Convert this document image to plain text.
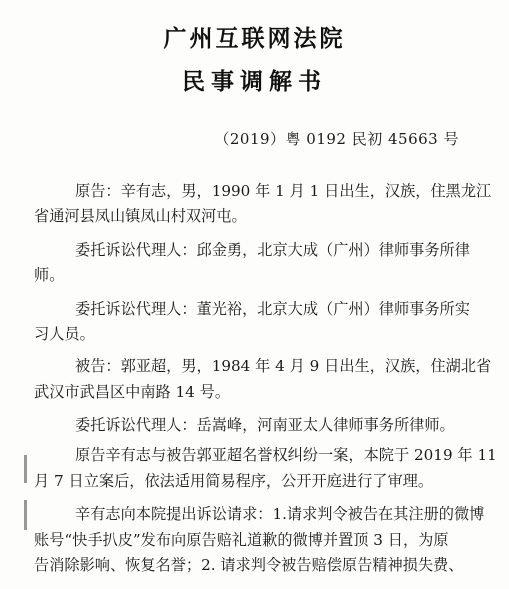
广州互联网法院
民事调解书
（2019）粤 0192 民初 45663 号
原告：辛有志，男，1990 年 1 月 1 日出生，汉族，住黑龙江
省通河县凤山镇凤山村双河屯。
委托诉讼代理人：邱金勇，北京大成（广州）律师事务所律
师。
委托诉讼代理人：董光裕，北京大成（广州）律师事务所实
习人员。
被告：郭亚超，男，1984 年 4 月 9 日出生，汉族，住湖北省
武汉市武昌区中南路 14 号。
委托诉讼代理人：岳嵩峰，河南亚太人律师事务所律师。
原告辛有志与被告郭亚超名誉权纠纷一案，本院于 2019 年 11
月 7 日立案后，依法适用简易程序，公开开庭进行了审理。
辛有志向本院提出诉讼请求：1.请求判令被告在其注册的微博
账号“快手扒皮”发布向原告赔礼道歉的微博并置顶 3 日，为原
告消除影响、恢复名誉；2. 请求判令被告赔偿原告精神损失费、
